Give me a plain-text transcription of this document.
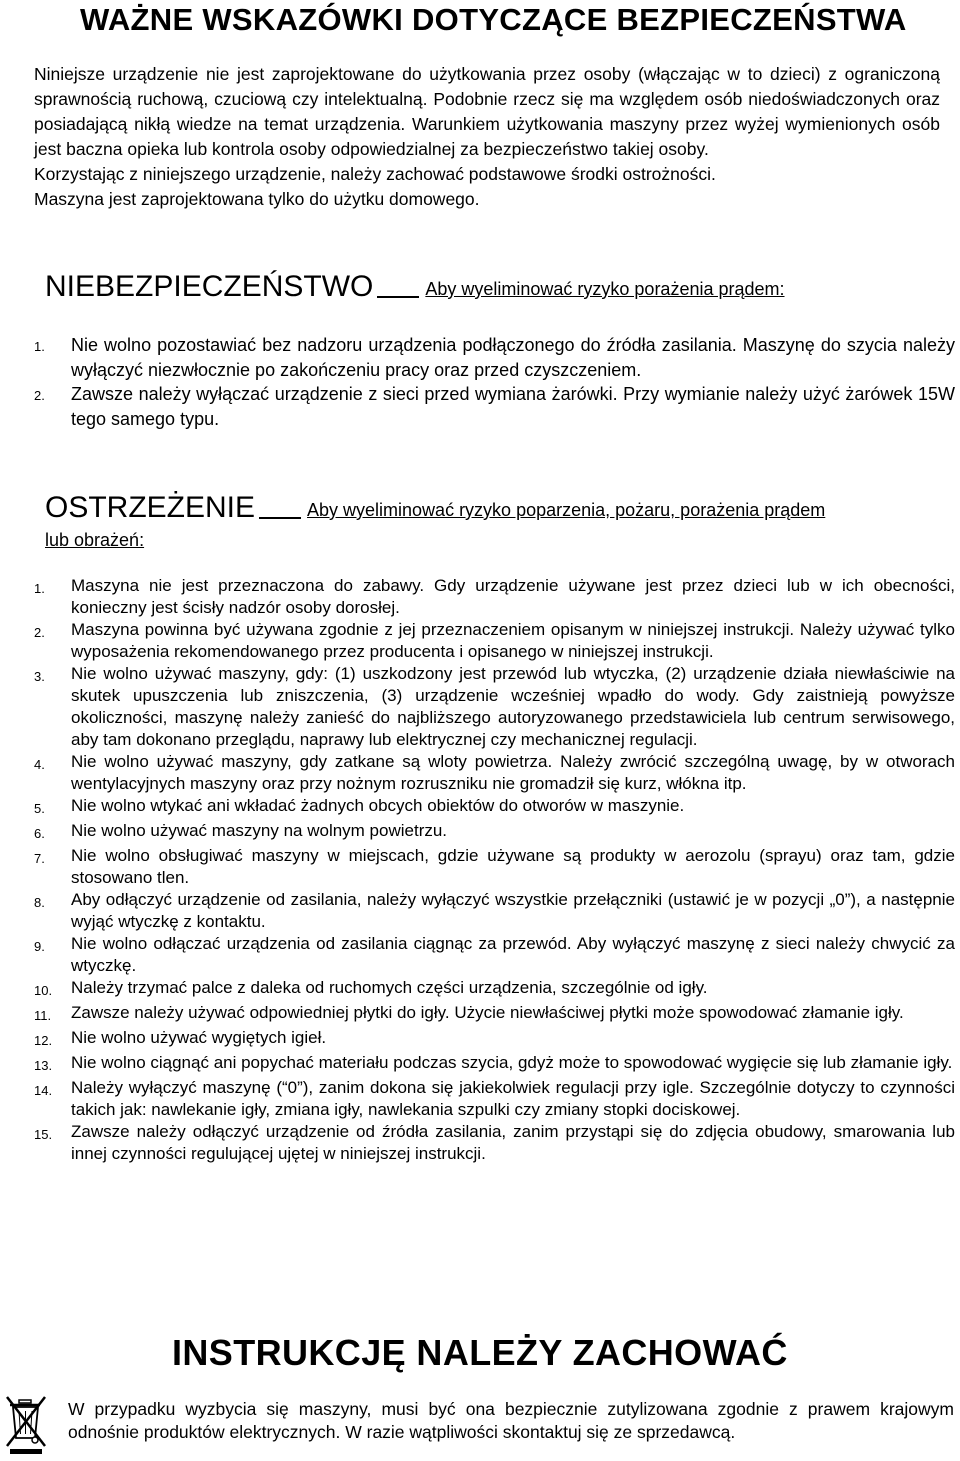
WAŻNE WSKAZÓWKI DOTYCZĄCE BEZPIECZEŃSTWA

Niniejsze urządzenie nie jest zaprojektowane do użytkowania przez osoby (włączając w to dzieci) z ograniczoną sprawnością ruchową, czuciową czy intelektualną. Podobnie rzecz się ma względem osób niedoświadczonych oraz posiadającą nikłą wiedze na temat urządzenia. Warunkiem użytkowania maszyny przez wyżej wymienionych osób jest baczna opieka lub kontrola osoby odpowiedzialnej za bezpieczeństwo takiej osoby.

Korzystając z niniejszego urządzenie, należy zachować podstawowe środki ostrożności.

Maszyna jest zaprojektowana tylko do użytku domowego.

NIEBEZPIECZEŃSTWO	Aby wyeliminować ryzyko porażenia prądem:
1.	Nie wolno pozostawiać bez nadzoru urządzenia podłączonego do źródła zasilania. Maszynę do szycia należy wyłączyć niezwłocznie po zakończeniu pracy oraz przed czyszczeniem.
2.	Zawsze należy wyłączać urządzenie z sieci przed wymiana żarówki. Przy wymianie należy użyć żarówek 15W tego samego typu.
OSTRZEŻENIE	Aby wyeliminować ryzyko poparzenia, pożaru, porażenia prądem
lub obrażeń:
1.	Maszyna nie jest przeznaczona do zabawy. Gdy urządzenie używane jest przez dzieci lub w ich obecności, konieczny jest ścisły nadzór osoby dorosłej.
2.	Maszyna powinna być używana zgodnie z jej przeznaczeniem opisanym w niniejszej instrukcji. Należy używać tylko wyposażenia rekomendowanego przez producenta i opisanego w niniejszej instrukcji.
3.	Nie wolno używać maszyny, gdy: (1) uszkodzony jest przewód lub wtyczka, (2) urządzenie działa niewłaściwie na skutek upuszczenia lub zniszczenia, (3) urządzenie wcześniej wpadło do wody. Gdy zaistnieją powyższe okoliczności, maszynę należy zanieść do najbliższego autoryzowanego przedstawiciela lub centrum serwisowego, aby tam dokonano przeglądu, naprawy lub elektrycznej czy mechanicznej regulacji.
4.	Nie wolno używać maszyny, gdy zatkane są wloty powietrza. Należy zwrócić szczególną uwagę, by w otworach wentylacyjnych maszyny oraz przy nożnym rozruszniku nie gromadził się kurz, włókna itp.
5.	Nie wolno wtykać ani wkładać żadnych obcych obiektów do otworów w maszynie.
6.	Nie wolno używać maszyny na wolnym powietrzu.
7.	Nie wolno obsługiwać maszyny w miejscach, gdzie używane są produkty w aerozolu (sprayu) oraz tam, gdzie stosowano tlen.
8.	Aby odłączyć urządzenie od zasilania, należy wyłączyć wszystkie przełączniki (ustawić je w pozycji „0”), a następnie wyjąć wtyczkę z kontaktu.
9.	Nie wolno odłączać urządzenia od zasilania ciągnąc za przewód. Aby wyłączyć maszynę z sieci należy chwycić za wtyczkę.
10.	Należy trzymać palce z daleka od ruchomych części urządzenia, szczególnie od igły.
11.	Zawsze należy używać odpowiedniej płytki do igły. Użycie niewłaściwej płytki może spowodować złamanie igły.
12.	Nie wolno używać wygiętych igieł.
13.	Nie wolno ciągnąć ani popychać materiału podczas szycia, gdyż może to spowodować wygięcie się lub złamanie igły.
14.	Należy wyłączyć maszynę (“0”), zanim dokona się jakiekolwiek regulacji przy igle. Szczególnie dotyczy to czynności takich jak: nawlekanie igły, zmiana igły, nawlekania szpulki czy zmiany stopki dociskowej.
15.	Zawsze należy odłączyć urządzenie od źródła zasilania, zanim przystąpi się do zdjęcia obudowy, smarowania lub innej czynności regulującej ujętej w niniejszej instrukcji.
INSTRUKCJĘ NALEŻY ZACHOWAĆ
W przypadku wyzbycia się maszyny, musi być ona bezpiecznie zutylizowana zgodnie z prawem krajowym odnośnie produktów elektrycznych. W razie wątpliwości skontaktuj się ze sprzedawcą.
